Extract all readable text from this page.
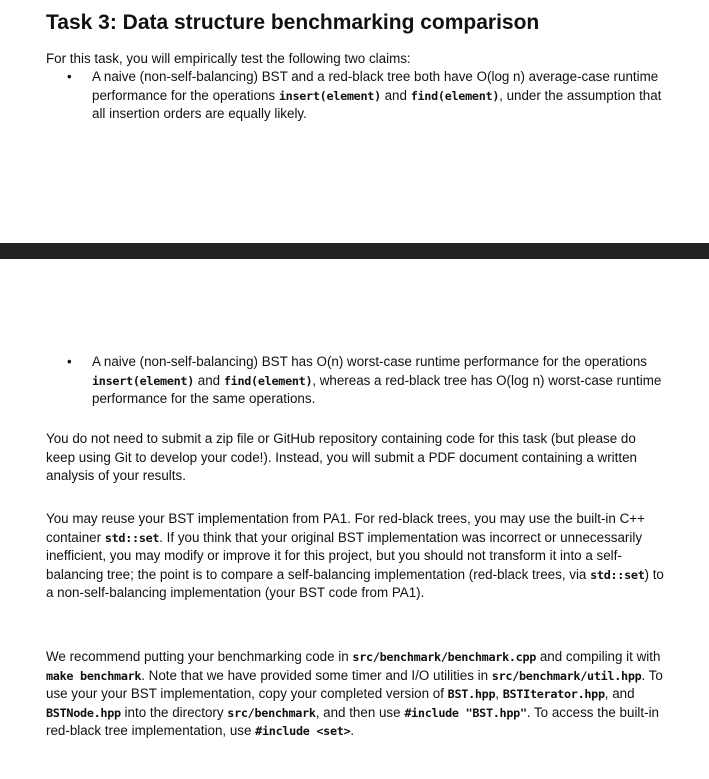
Task 3: Data structure benchmarking comparison

For this task, you will empirically test the following two claims:

• A naive (non-self-balancing) BST and a red-black tree both have O(log n) average-case runtime performance for the operations insert(element) and find(element), under the assumption that all insertion orders are equally likely.

• A naive (non-self-balancing) BST has O(n) worst-case runtime performance for the operations insert(element) and find(element), whereas a red-black tree has O(log n) worst-case runtime performance for the same operations.

You do not need to submit a zip file or GitHub repository containing code for this task (but please do keep using Git to develop your code!). Instead, you will submit a PDF document containing a written analysis of your results.

You may reuse your BST implementation from PA1. For red-black trees, you may use the built-in C++ container std::set. If you think that your original BST implementation was incorrect or unnecessarily inefficient, you may modify or improve it for this project, but you should not transform it into a self-balancing tree; the point is to compare a self-balancing implementation (red-black trees, via std::set) to a non-self-balancing implementation (your BST code from PA1).

We recommend putting your benchmarking code in src/benchmark/benchmark.cpp and compiling it with make benchmark. Note that we have provided some timer and I/O utilities in src/benchmark/util.hpp. To use your your BST implementation, copy your completed version of BST.hpp, BSTIterator.hpp, and BSTNode.hpp into the directory src/benchmark, and then use #include "BST.hpp". To access the built-in red-black tree implementation, use #include <set>.
